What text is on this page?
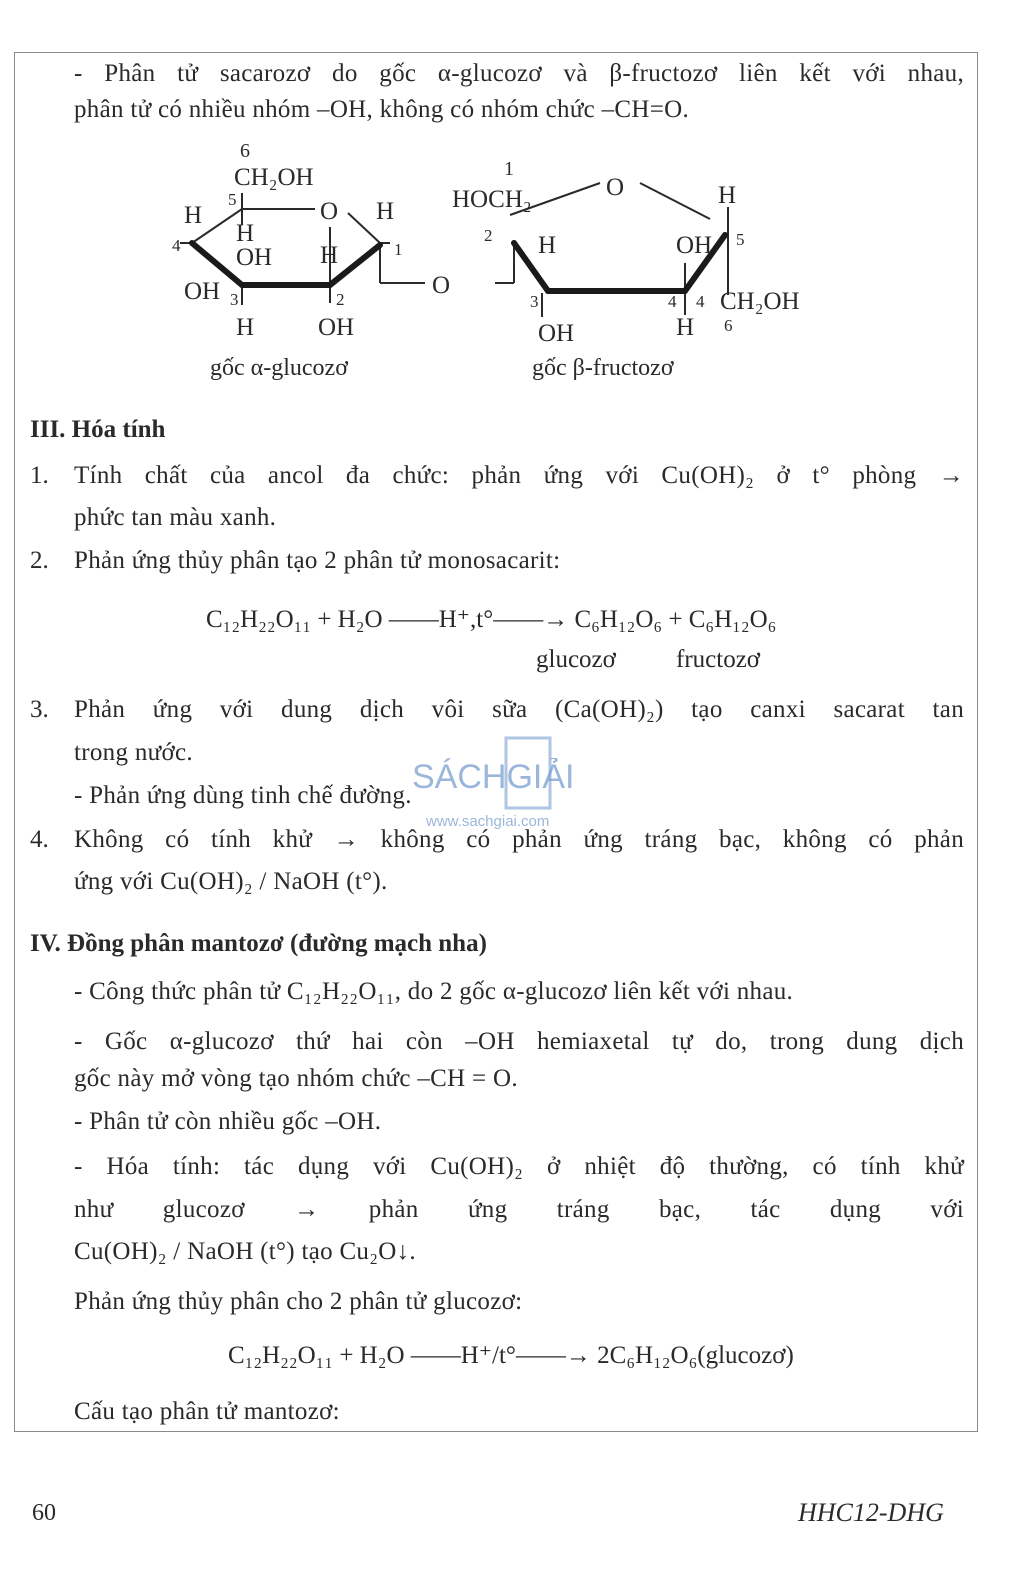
- Phân tử sacarozơ do gốc α-glucozơ và β-fructozơ liên kết với nhau,
phân tử có nhiều nhóm –OH, không có nhóm chức –CH=O.
6
CH₂OH
5	O
H	H
4 H
OH H	1
OH 3	2
H	OH
gốc α-glucozơ
O
1
HOCH₂	O	H
2 H	OH 5
3	4 4 CH₂OH
OH	H 6
gốc β-fructozơ
III. Hóa tính
1. Tính chất của ancol đa chức: phản ứng với Cu(OH)₂ ở t° phòng →
phức tan màu xanh.
2. Phản ứng thủy phân tạo 2 phân tử monosacarit:
C₁₂H₂₂O₁₁ + H₂O ——H⁺,t°——→ C₆H₁₂O₆ + C₆H₁₂O₆
glucozơ fructozơ
3. Phản ứng với dung dịch vôi sữa (Ca(OH)₂) tạo canxi sacarat tan
trong nước.
- Phản ứng dùng tinh chế đường.
4. Không có tính khử → không có phản ứng tráng bạc, không có phản
ứng với Cu(OH)₂ / NaOH (t°).
IV. Đồng phân mantozơ (đường mạch nha)
- Công thức phân tử C₁₂H₂₂O₁₁, do 2 gốc α-glucozơ liên kết với nhau.
- Gốc α-glucozơ thứ hai còn –OH hemiaxetal tự do, trong dung dịch
gốc này mở vòng tạo nhóm chức –CH = O.
- Phân tử còn nhiều gốc –OH.
- Hóa tính: tác dụng với Cu(OH)₂ ở nhiệt độ thường, có tính khử
như glucozơ → phản ứng tráng bạc, tác dụng với
Cu(OH)₂ / NaOH (t°) tạo Cu₂O↓.
Phản ứng thủy phân cho 2 phân tử glucozơ:
C₁₂H₂₂O₁₁ + H₂O ——H⁺/t°——→ 2C₆H₁₂O₆(glucozơ)
Cấu tạo phân tử mantozơ:
SÁCHGIẢI
www.sachgiai.com
60	HHC12-DHG
